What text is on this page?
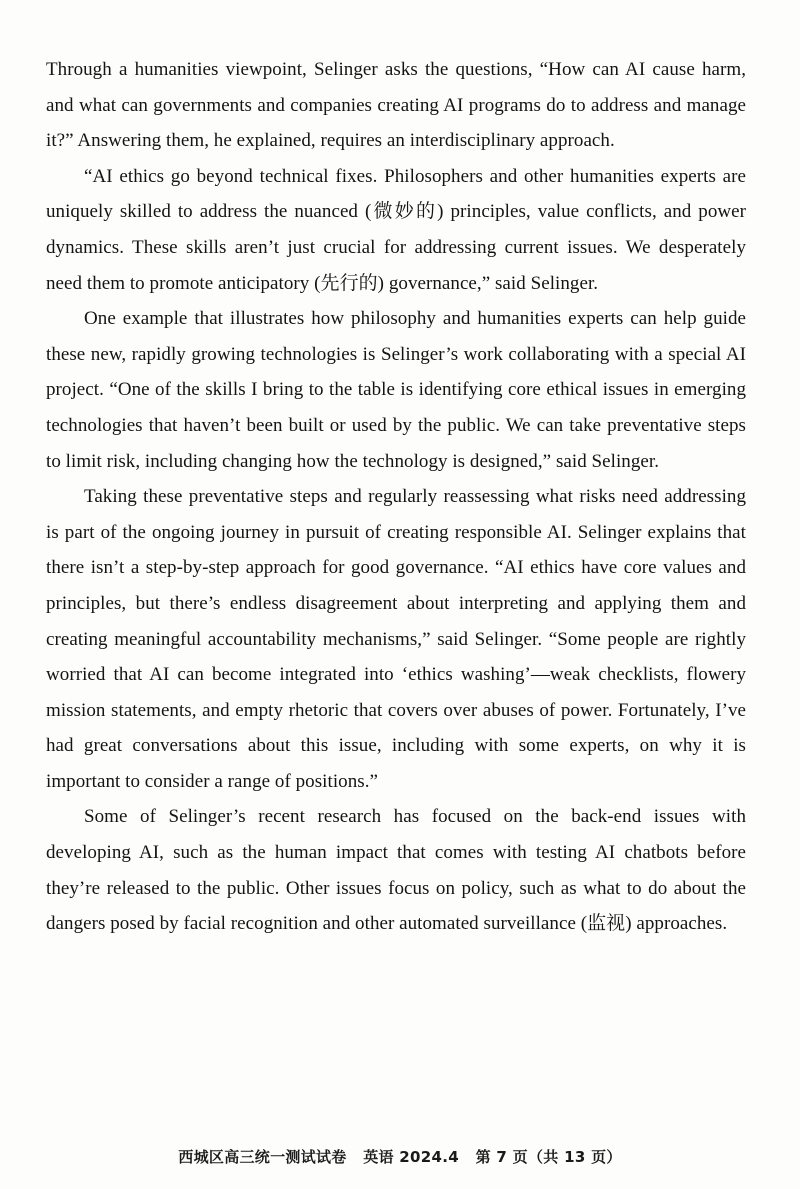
Through a humanities viewpoint, Selinger asks the questions, “How can AI cause harm, and what can governments and companies creating AI programs do to address and manage it?” Answering them, he explained, requires an interdisciplinary approach.

“AI ethics go beyond technical fixes. Philosophers and other humanities experts are uniquely skilled to address the nuanced (微妙的) principles, value conflicts, and power dynamics. These skills aren’t just crucial for addressing current issues. We desperately need them to promote anticipatory (先行的) governance,” said Selinger.

One example that illustrates how philosophy and humanities experts can help guide these new, rapidly growing technologies is Selinger’s work collaborating with a special AI project. “One of the skills I bring to the table is identifying core ethical issues in emerging technologies that haven’t been built or used by the public. We can take preventative steps to limit risk, including changing how the technology is designed,” said Selinger.

Taking these preventative steps and regularly reassessing what risks need addressing is part of the ongoing journey in pursuit of creating responsible AI. Selinger explains that there isn’t a step-by-step approach for good governance. “AI ethics have core values and principles, but there’s endless disagreement about interpreting and applying them and creating meaningful accountability mechanisms,” said Selinger. “Some people are rightly worried that AI can become integrated into ‘ethics washing’—weak checklists, flowery mission statements, and empty rhetoric that covers over abuses of power. Fortunately, I’ve had great conversations about this issue, including with some experts, on why it is important to consider a range of positions.”

Some of Selinger’s recent research has focused on the back-end issues with developing AI, such as the human impact that comes with testing AI chatbots before they’re released to the public. Other issues focus on policy, such as what to do about the dangers posed by facial recognition and other automated surveillance (监视) approaches.

西城区高三统一测试试卷 英语 2024.4 第 7 页（共 13 页）
